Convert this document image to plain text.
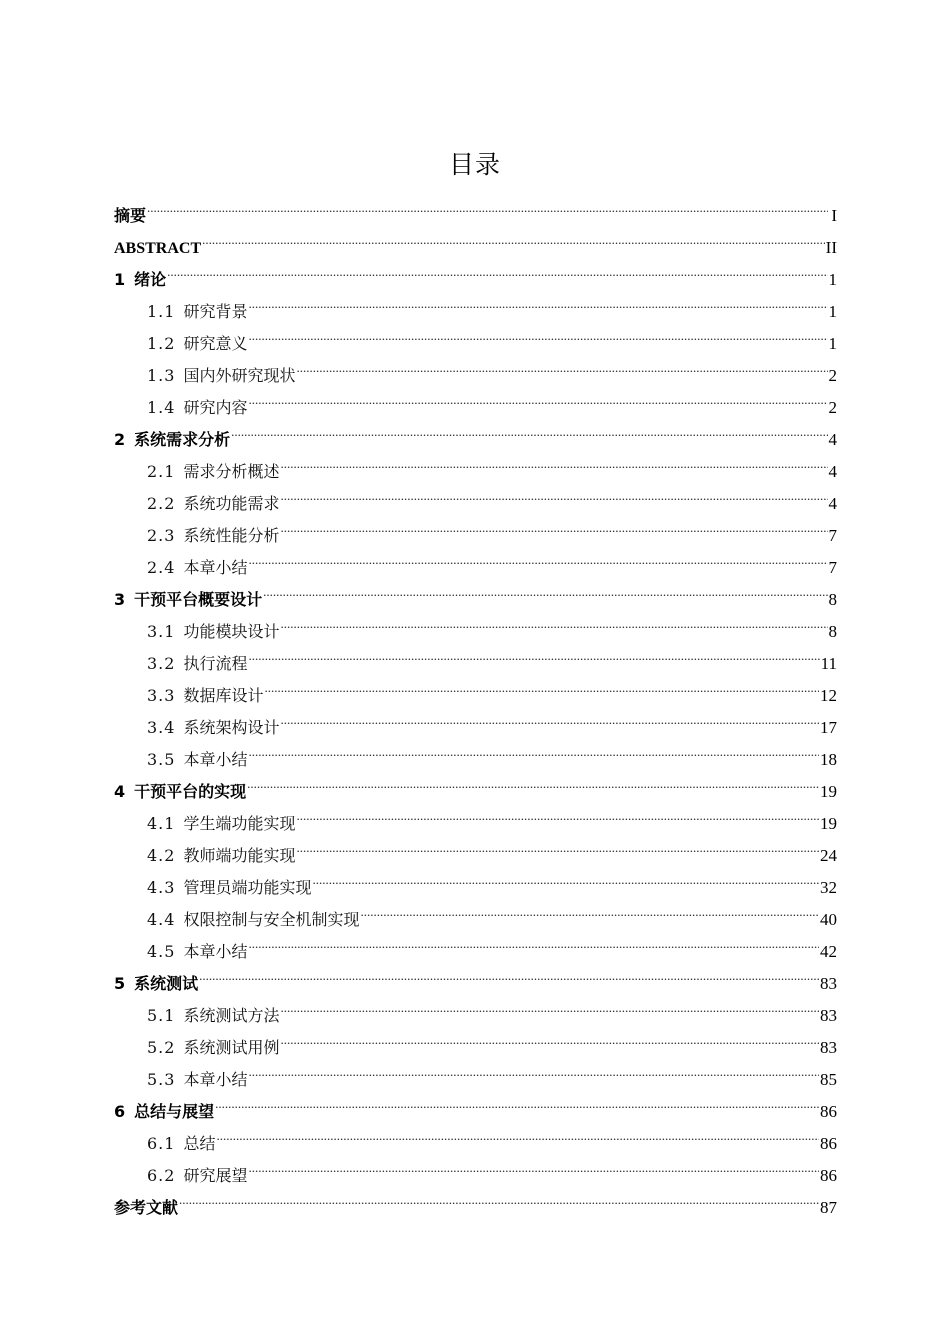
目录
摘要 .....	I
ABSTRACT .....	II
1 绪论 .....	1
1.1 研究背景 .....	1
1.2 研究意义 .....	1
1.3 国内外研究现状 .....	2
1.4 研究内容 .....	2
2 系统需求分析 .....	4
2.1 需求分析概述 .....	4
2.2 系统功能需求 .....	4
2.3 系统性能分析 .....	7
2.4 本章小结 .....	7
3 干预平台概要设计 .....	8
3.1 功能模块设计 .....	8
3.2 执行流程 .....	11
3.3 数据库设计 .....	12
3.4 系统架构设计 .....	17
3.5 本章小结 .....	18
4 干预平台的实现 .....	19
4.1 学生端功能实现 .....	19
4.2 教师端功能实现 .....	24
4.3 管理员端功能实现 .....	32
4.4 权限控制与安全机制实现 .....	40
4.5 本章小结 .....	42
5 系统测试 .....	83
5.1 系统测试方法 .....	83
5.2 系统测试用例 .....	83
5.3 本章小结 .....	85
6 总结与展望 .....	86
6.1 总结 .....	86
6.2 研究展望 .....	86
参考文献 .....	87
